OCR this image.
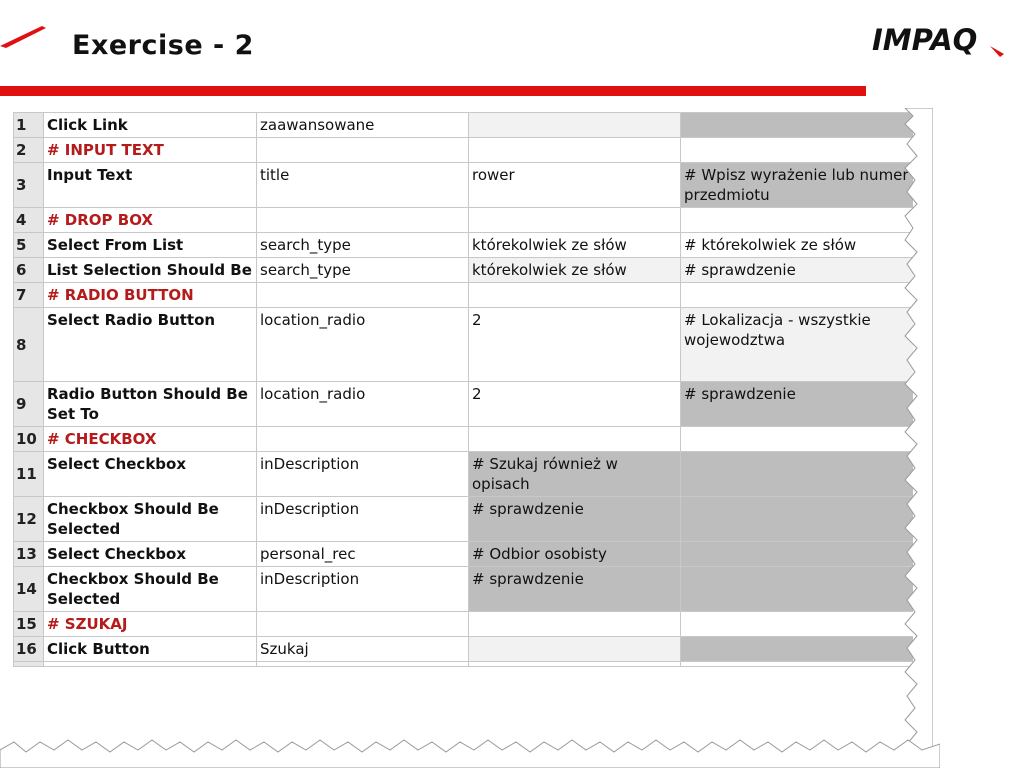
Exercise - 2	IMPAQ
1	Click Link	zaawansowane		
2	# INPUT TEXT			
3	Input Text	title	rower	# Wpisz wyrażenie lub numer przedmiotu
4	# DROP BOX			
5	Select From List	search_type	którekolwiek ze słów	# którekolwiek ze słów
6	List Selection Should Be	search_type	którekolwiek ze słów	# sprawdzenie
7	# RADIO BUTTON			
8	Select Radio Button	location_radio	2	# Lokalizacja - wszystkie wojewodztwa
9	Radio Button Should Be Set To	location_radio	2	# sprawdzenie
10	# CHECKBOX			
11	Select Checkbox	inDescription	# Szukaj również w opisach	
12	Checkbox Should Be Selected	inDescription	# sprawdzenie	
13	Select Checkbox	personal_rec	# Odbior osobisty	
14	Checkbox Should Be Selected	inDescription	# sprawdzenie	
15	# SZUKAJ			
16	Click Button	Szukaj		
